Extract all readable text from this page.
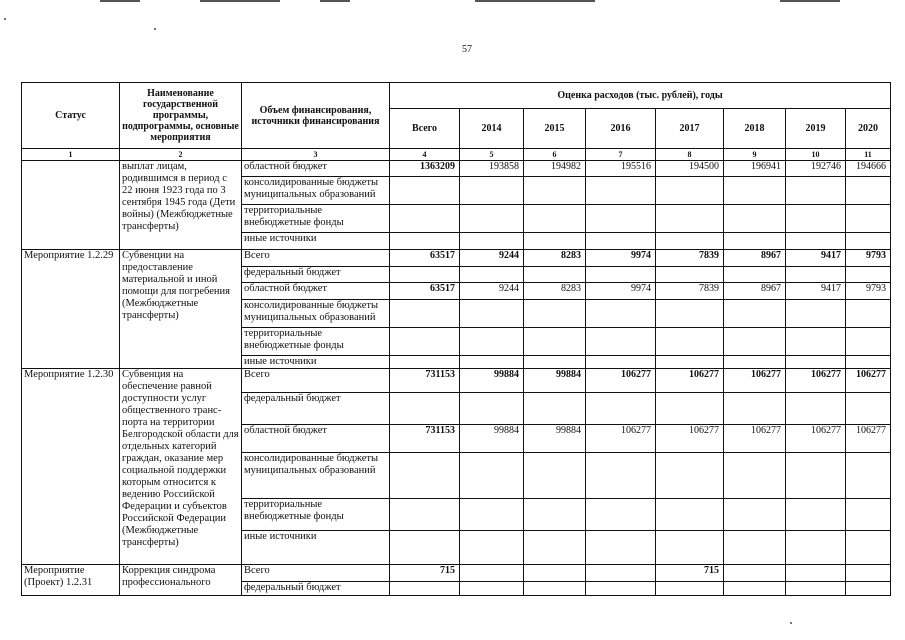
57
Статус	Наименование государственной программы, подпрограммы, основные мероприятия	Объем финансирования, источники финансирования	Оценка расходов (тыс. рублей), годы							
			Всего	2014	2015	2016	2017	2018	2019	2020
1	2	3	4	5	6	7	8	9	10	11
	выплат лицам, родившимся в период с 22 июня 1923 года по 3 сентября 1945 года (Дети войны) (Межбюджетные трансферты)	областной бюджет	1363209	193858	194982	195516	194500	196941	192746	194666
		консолидированные бюджеты муниципальных образований								
		территориальные внебюджетные фонды								
		иные источники								
Мероприятие 1.2.29	Субвенции на предоставление материальной и иной помощи для погребения (Межбюджетные трансферты)	Всего	63517	9244	8283	9974	7839	8967	9417	9793
		федеральный бюджет								
		областной бюджет	63517	9244	8283	9974	7839	8967	9417	9793
		консолидированные бюджеты муниципальных образований								
		территориальные внебюджетные фонды								
		иные источники								
Мероприятие 1.2.30	Субвенция на обеспечение равной доступности услуг общественного транс-порта на территории Белгородской области для отдельных категорий граждан, оказание мер социальной поддержки которым относится к ведению Российской Федерации и субъектов Российской Федерации (Межбюджетные трансферты)	Всего	731153	99884	99884	106277	106277	106277	106277	106277
		федеральный бюджет								
		областной бюджет	731153	99884	99884	106277	106277	106277	106277	106277
		консолидированные бюджеты муниципальных образований								
		территориальные внебюджетные фонды								
		иные источники								
Мероприятие (Проект) 1.2.31	Коррекция синдрома профессионального	Всего	715				715			
		федеральный бюджет								
